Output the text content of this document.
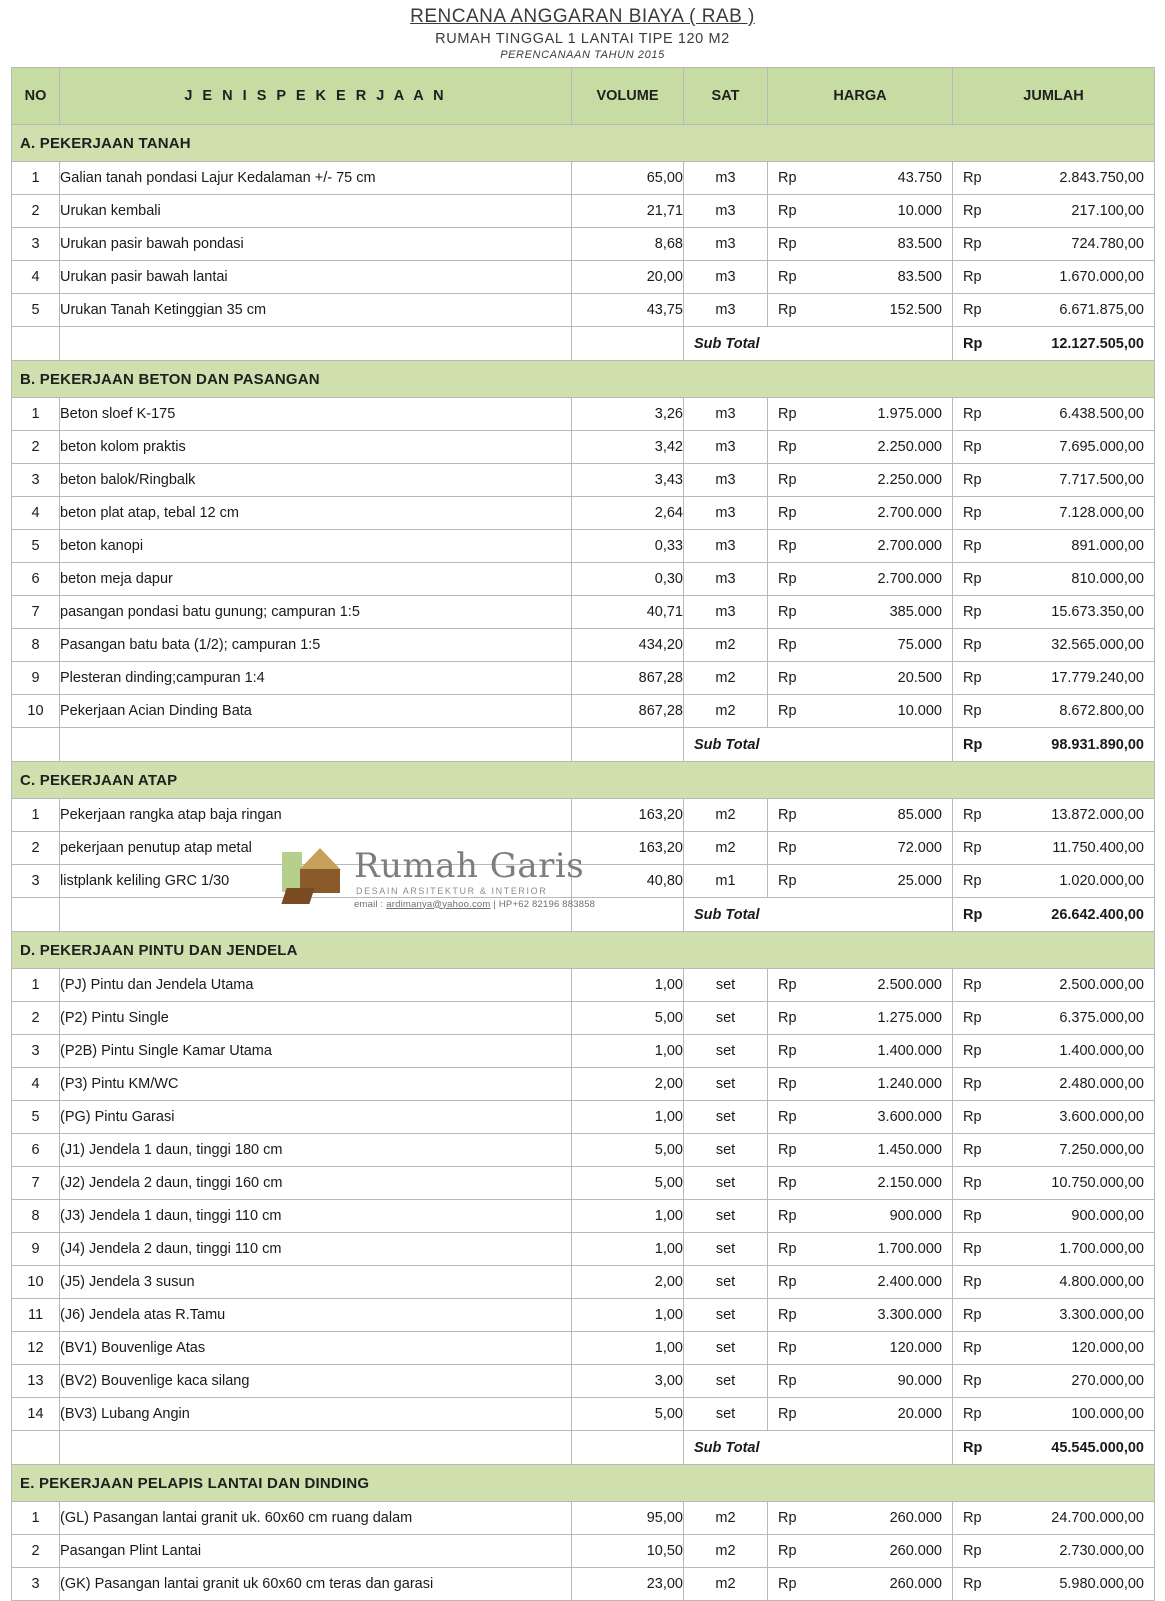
RENCANA ANGGARAN BIAYA ( RAB )
RUMAH TINGGAL 1 LANTAI TIPE 120 M2
PERENCANAAN TAHUN 2015
NO	J E N I S P E K E R J A A N	VOLUME	SAT	HARGA	JUMLAH
A. PEKERJAAN TANAH					
1	Galian tanah pondasi Lajur Kedalaman +/- 75 cm	65,00	m3	Rp 43.750	Rp 2.843.750,00

2	Urukan kembali	21,71	m3	Rp 10.000	Rp 217.100,00

3	Urukan pasir bawah pondasi	8,68	m3	Rp 83.500	Rp 724.780,00

4	Urukan pasir bawah lantai	20,00	m3	Rp 83.500	Rp 1.670.000,00

5	Urukan Tanah Ketinggian 35 cm	43,75	m3	Rp 152.500	Rp 6.671.875,00

			Sub Total		Rp 12.127.505,00

B. PEKERJAAN BETON DAN PASANGAN					
1	Beton sloef K-175	3,26	m3	Rp 1.975.000	Rp 6.438.500,00

2	beton kolom praktis	3,42	m3	Rp 2.250.000	Rp 7.695.000,00

3	beton balok/Ringbalk	3,43	m3	Rp 2.250.000	Rp 7.717.500,00

4	beton plat atap, tebal 12 cm	2,64	m3	Rp 2.700.000	Rp 7.128.000,00

5	beton kanopi	0,33	m3	Rp 2.700.000	Rp 891.000,00

6	beton meja dapur	0,30	m3	Rp 2.700.000	Rp 810.000,00

7	pasangan pondasi batu gunung; campuran 1:5	40,71	m3	Rp 385.000	Rp 15.673.350,00

8	Pasangan batu bata (1/2); campuran 1:5	434,20	m2	Rp 75.000	Rp 32.565.000,00

9	Plesteran dinding;campuran 1:4	867,28	m2	Rp 20.500	Rp 17.779.240,00

10	Pekerjaan Acian Dinding Bata	867,28	m2	Rp 10.000	Rp 8.672.800,00

			Sub Total		Rp 98.931.890,00

C. PEKERJAAN ATAP					
1	Pekerjaan rangka atap baja ringan	163,20	m2	Rp 85.000	Rp 13.872.000,00

2	pekerjaan penutup atap metal	163,20	m2	Rp 72.000	Rp 11.750.400,00

3	listplank keliling GRC 1/30	40,80	m1	Rp 25.000	Rp 1.020.000,00

			Sub Total		Rp 26.642.400,00

D. PEKERJAAN PINTU DAN JENDELA					
1	(PJ) Pintu dan Jendela Utama	1,00	set	Rp 2.500.000	Rp 2.500.000,00

2	(P2) Pintu Single	5,00	set	Rp 1.275.000	Rp 6.375.000,00

3	(P2B) Pintu Single Kamar Utama	1,00	set	Rp 1.400.000	Rp 1.400.000,00

4	(P3) Pintu KM/WC	2,00	set	Rp 1.240.000	Rp 2.480.000,00

5	(PG) Pintu Garasi	1,00	set	Rp 3.600.000	Rp 3.600.000,00

6	(J1) Jendela 1 daun, tinggi 180 cm	5,00	set	Rp 1.450.000	Rp 7.250.000,00

7	(J2) Jendela 2 daun, tinggi 160 cm	5,00	set	Rp 2.150.000	Rp 10.750.000,00

8	(J3) Jendela 1 daun, tinggi 110 cm	1,00	set	Rp 900.000	Rp 900.000,00

9	(J4) Jendela 2 daun, tinggi 110 cm	1,00	set	Rp 1.700.000	Rp 1.700.000,00

10	(J5) Jendela 3 susun	2,00	set	Rp 2.400.000	Rp 4.800.000,00

11	(J6) Jendela atas R.Tamu	1,00	set	Rp 3.300.000	Rp 3.300.000,00

12	(BV1) Bouvenlige Atas	1,00	set	Rp 120.000	Rp 120.000,00

13	(BV2) Bouvenlige kaca silang	3,00	set	Rp 90.000	Rp 270.000,00

14	(BV3) Lubang Angin	5,00	set	Rp 20.000	Rp 100.000,00

			Sub Total		Rp 45.545.000,00

E. PEKERJAAN PELAPIS LANTAI DAN DINDING					
1	(GL) Pasangan lantai granit uk. 60x60 cm ruang dalam	95,00	m2	Rp 260.000	Rp 24.700.000,00

2	Pasangan Plint Lantai	10,50	m2	Rp 260.000	Rp 2.730.000,00

3	(GK) Pasangan lantai granit uk 60x60 cm teras dan garasi	23,00	m2	Rp 260.000	Rp 5.980.000,00
Rumah Garis
DESAIN ARSITEKTUR & INTERIOR
email : ardimanya@yahoo.com | HP+62 82196 883858
